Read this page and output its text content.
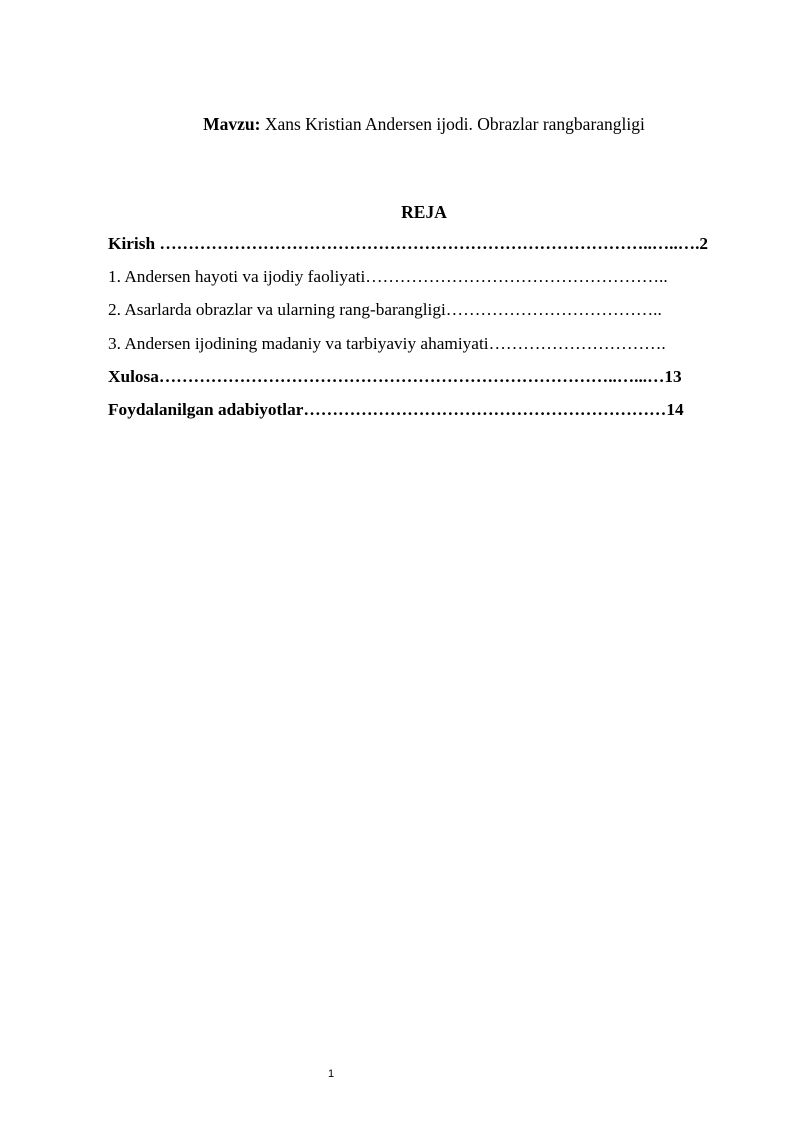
Mavzu: Xans Kristian Andersen ijodi. Obrazlar rangbarangligi
REJA
Kirish …………………………………………………………………………..…..….2
1. Andersen hayoti va ijodiy faoliyati……………………………………………..
2. Asarlarda obrazlar va ularning rang-barangligi………………………………..
3. Andersen ijodining madaniy va tarbiyaviy ahamiyati………………………….
Xulosa……………………………………………………………………..…...…13
Foydalanilgan adabiyotlar………………………………………………………14
1
